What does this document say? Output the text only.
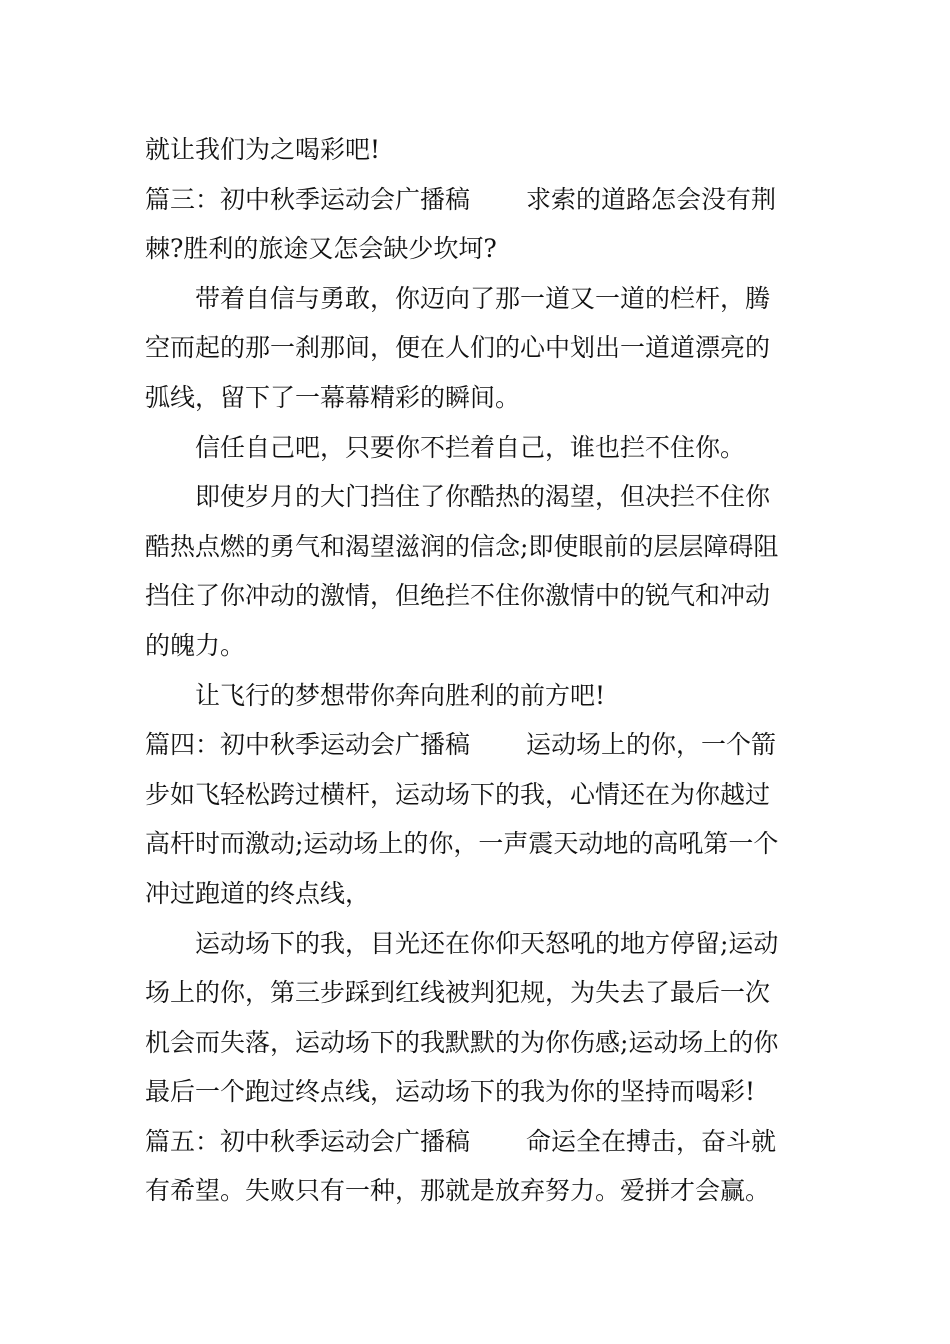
就让我们为之喝彩吧!

篇三：初中秋季运动会广播稿 求索的道路怎会没有荆
棘?胜利的旅途又怎会缺少坎坷?

带着自信与勇敢，你迈向了那一道又一道的栏杆，腾
空而起的那一刹那间，便在人们的心中划出一道道漂亮的
弧线，留下了一幕幕精彩的瞬间。

信任自己吧，只要你不拦着自己，谁也拦不住你。

即使岁月的大门挡住了你酷热的渴望，但决拦不住你
酷热点燃的勇气和渴望滋润的信念;即使眼前的层层障碍阻
挡住了你冲动的激情，但绝拦不住你激情中的锐气和冲动
的魄力。

让飞行的梦想带你奔向胜利的前方吧!

篇四：初中秋季运动会广播稿 运动场上的你，一个箭
步如飞轻松跨过横杆，运动场下的我，心情还在为你越过
高杆时而激动;运动场上的你，一声震天动地的高吼第一个
冲过跑道的终点线，

运动场下的我，目光还在你仰天怒吼的地方停留;运动
场上的你，第三步踩到红线被判犯规，为失去了最后一次
机会而失落，运动场下的我默默的为你伤感;运动场上的你
最后一个跑过终点线，运动场下的我为你的坚持而喝彩!

篇五：初中秋季运动会广播稿 命运全在搏击，奋斗就
有希望。失败只有一种，那就是放弃努力。爱拼才会赢。
